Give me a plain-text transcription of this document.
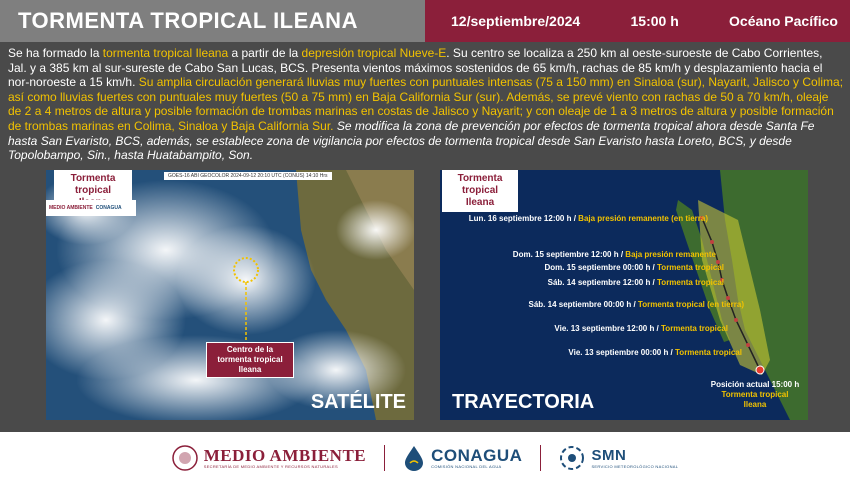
TORMENTA TROPICAL ILEANA	12/septiembre/2024	15:00 h	Océano Pacífico
Se ha formado la tormenta tropical Ileana a partir de la depresión tropical Nueve-E. Su centro se localiza a 250 km al oeste-suroeste de Cabo Corrientes, Jal. y a 385 km al sur-sureste de Cabo San Lucas, BCS. Presenta vientos máximos sostenidos de 65 km/h, rachas de 85 km/h y desplazamiento hacia el nor-noroeste a 15 km/h. Su amplia circulación generará lluvias muy fuertes con puntuales intensas (75 a 150 mm) en Sinaloa (sur), Nayarit, Jalisco y Colima; así como lluvias fuertes con puntuales muy fuertes (50 a 75 mm) en Baja California Sur (sur). Además, se prevé viento con rachas de 50 a 70 km/h, oleaje de 2 a 4 metros de altura y posible formación de trombas marinas en costas de Jalisco y Nayarit; y con oleaje de 1 a 3 metros de altura y posible formación de trombas marinas en Colima, Sinaloa y Baja California Sur. Se modifica la zona de prevención por efectos de tormenta tropical ahora desde Santa Fe hasta San Evaristo, BCS, además, se establece zona de vigilancia por efectos de tormenta tropical desde San Evaristo hasta Loreto, BCS, y desde Topolobampo, Sin., hasta Huatabampito, Son.
Tormenta tropical
MEDIO AMBIENTE CONAGUA
GOES-16 ABI GEOCOLOR 2024-09-12 20:10 UTC (CONUS) 14:10 Hrs
Centro de la tormenta tropical Ileana
SATÉLITE
Tormenta tropical Ileana
Lun. 16 septiembre 12:00 h /
Baja presión remanente (en tierra)
Dom. 15 septiembre 12:00 h /
Baja presión remanente
Dom. 15 septiembre 00:00 h /
Tormenta tropical
Sáb. 14 septiembre 12:00 h /
Tormenta tropical
Sáb. 14 septiembre 00:00 h /
Tormenta tropical (en tierra)
Vie. 13 septiembre 12:00 h /
Tormenta tropical
Vie. 13 septiembre 00:00 h /
Tormenta tropical
Posición actual 15:00 h
Tormenta tropical Ileana
TRAYECTORIA
MEDIO AMBIENTE
SECRETARÍA DE MEDIO AMBIENTE Y RECURSOS NATURALES
CONAGUA
COMISIÓN NACIONAL DEL AGUA
SMN
SERVICIO METEOROLÓGICO NACIONAL
